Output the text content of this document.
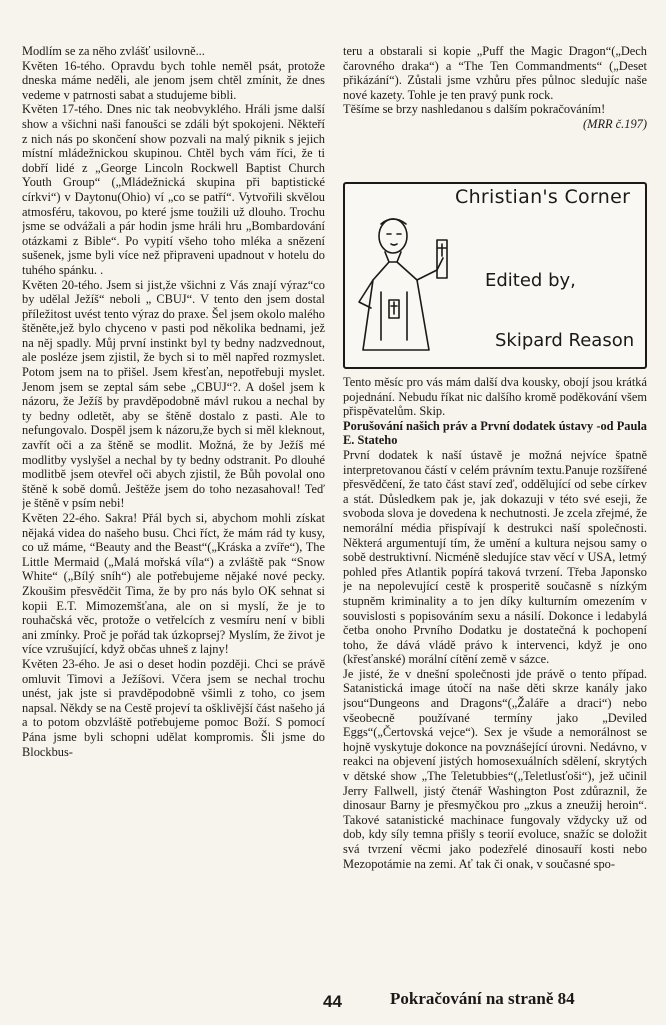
Modlím se za něho zvlášť usilovně...

Květen 16-tého. Opravdu bych tohle neměl psát, protože dneska máme neděli, ale jenom jsem chtěl zmínit, že dnes vedeme v patrnosti sabat a studujeme bibli.

Květen 17-tého. Dnes nic tak neobvyklého. Hráli jsme další show a všichni naši fanoušci se zdáli být spokojeni. Někteří z nich nás po skončení show pozvali na malý piknik s jejich místní mládežnickou skupinou. Chtěl bych vám říci, že ti dobří lidé z „George Lincoln Rockwell Baptist Church Youth Group“ („Mládežnická skupina při baptistické církvi“) v Daytonu(Ohio) ví „co se patří“. Vytvořili skvělou atmosféru, takovou, po které jsme toužili už dlouho. Trochu jsme se odvážali a pár hodin jsme hráli hru „Bombardování otázkami z Bible“. Po vypití všeho toho mléka a snězení sušenek, jsme byli více než připraveni upadnout v hotelu do tuhého spánku. .

Květen 20-tého. Jsem si jist,že všichni z Vás znají výraz“co by udělal Ježíš“ neboli „ CBUJ“. V tento den jsem dostal příležitost uvést tento výraz do praxe. Šel jsem okolo malého štěněte,jež bylo chyceno v pasti pod několika bednami, jež na něj spadly. Můj první instinkt byl ty bedny nadzvednout, ale posléze jsem zjistil, že bych si to měl napřed rozmyslet. Potom jsem na to přišel. Jsem křesťan, nepotřebuji myslet. Jenom jsem se zeptal sám sebe „CBUJ“?. A došel jsem k názoru, že Ježíš by pravděpodobně mávl rukou a nechal by ty bedny odletět, aby se štěně dostalo z pasti. Ale to nefungovalo. Dospěl jsem k názoru,že bych si měl kleknout, zavřít oči a za štěně se modlit. Možná, že by Ježíš mé modlitby vyslyšel a nechal by ty bedny odstranit. Po dlouhé modlitbě jsem otevřel oči abych zjistil, že Bůh povolal ono štěně k sobě domů. Ještěže jsem do toho nezasahoval! Teď je štěně v psím nebi!

Květen 22-ého. Sakra! Přál bych si, abychom mohli získat nějaká videa do našeho busu. Chci říct, že mám rád ty kusy, co už máme, “Beauty and the Beast“(„Kráska a zvíře“), The Little Mermaid („Malá mořská víla“) a zvláště pak “Snow White“ („Bílý sníh“) ale potřebujeme nějaké nové pecky. Zkoušim přesvědčit Tima, že by pro nás bylo OK sehnat si kopii E.T. Mimozemšťana, ale on si myslí, že je to rouhačská věc, protože o vetřelcích z vesmíru není v bibli ani zmínky. Proč je pořád tak úzkoprsej? Myslím, že život je více vzrušující, když občas uhneš z lajny!

Květen 23-ého. Je asi o deset hodin později. Chci se právě omluvit Timovi a Ježíšovi. Včera jsem se nechal trochu unést, jak jste si pravděpodobně všimli z toho, co jsem napsal. Někdy se na Cestě projeví ta ošklivější část našeho já a to potom obzvláště potřebujeme pomoc Boží. S pomocí Pána jsme byli schopni udělat kompromis. Šli jsme do Blockbus-

teru a obstarali si kopie „Puff the Magic Dragon“(„Dech čarovného draka“) a “The Ten Commandments“ („Deset přikázání“). Zůstali jsme vzhůru přes půlnoc sledujíc naše nové kazety. Tohle je ten pravý punk rock.

Těšíme se brzy nashledanou s dalším pokračováním!

(MRR č.197)

Christian's Corner
Edited by,
Skipard Reason

Tento měsíc pro vás mám další dva kousky, obojí jsou krátká pojednání. Nebudu říkat nic dalšího kromě poděkování všem přispěvatelům. Skip.

Porušování našich práv a První dodatek ústavy -od Paula E. Stateho

První dodatek k naší ústavě je možná nejvíce špatně interpretovanou částí v celém právním textu.Panuje rozšířené přesvědčení, že tato část staví zeď, oddělující od sebe církev a stát. Důsledkem pak je, jak dokazuji v této své eseji, že svoboda slova je dovedena k nechutnosti. Je zcela zřejmé, že nemorální média přispívají k destrukci naší společnosti. Některá argumentují tím, že umění a kultura nejsou samy o sobě destruktivní. Nicméně sledujíce stav věcí v USA, letmý pohled přes Atlantik popírá taková tvrzení. Třeba Japonsko je na nepolevující cestě k prosperitě současně s nízkým stupněm kriminality a to jen díky kulturním omezením v souvislosti s popisováním sexu a násilí. Dokonce i ledabylá četba onoho Prvního Dodatku je dostatečná k pochopení toho, že dává vládě právo k intervenci, když je ono (křesťanské) morální cítění země v sázce.

Je jisté, že v dnešní společnosti jde právě o tento případ. Satanistická image útočí na naše děti skrze kanály jako jsou“Dungeons and Dragons“(„Žaláře a draci“) nebo všeobecně používané termíny jako „Deviled Eggs“(„Čertovská vejce“). Sex je všude a nemorálnost se hojně vyskytuje dokonce na povznášející úrovni. Nedávno, v reakci na objevení jistých homosexuálních sdělení, skrytých v dětské show „The Teletubbies“(„Teletlusťoši“), jež učinil Jerry Fallwell, jistý čtenář Washington Post zdůraznil, že dinosaur Barny je přesmyčkou pro „zkus a zneužij heroin“. Takové satanistické machinace fungovaly vždycky už od dob, kdy síly temna přišly s teorií evoluce, snažíc se doložit svá tvrzení věcmi jako podezřelé dinosauří kosti nebo Mezopotámie na zemi. Ať tak či onak, v současné spo-

44	Pokračování na straně 84
